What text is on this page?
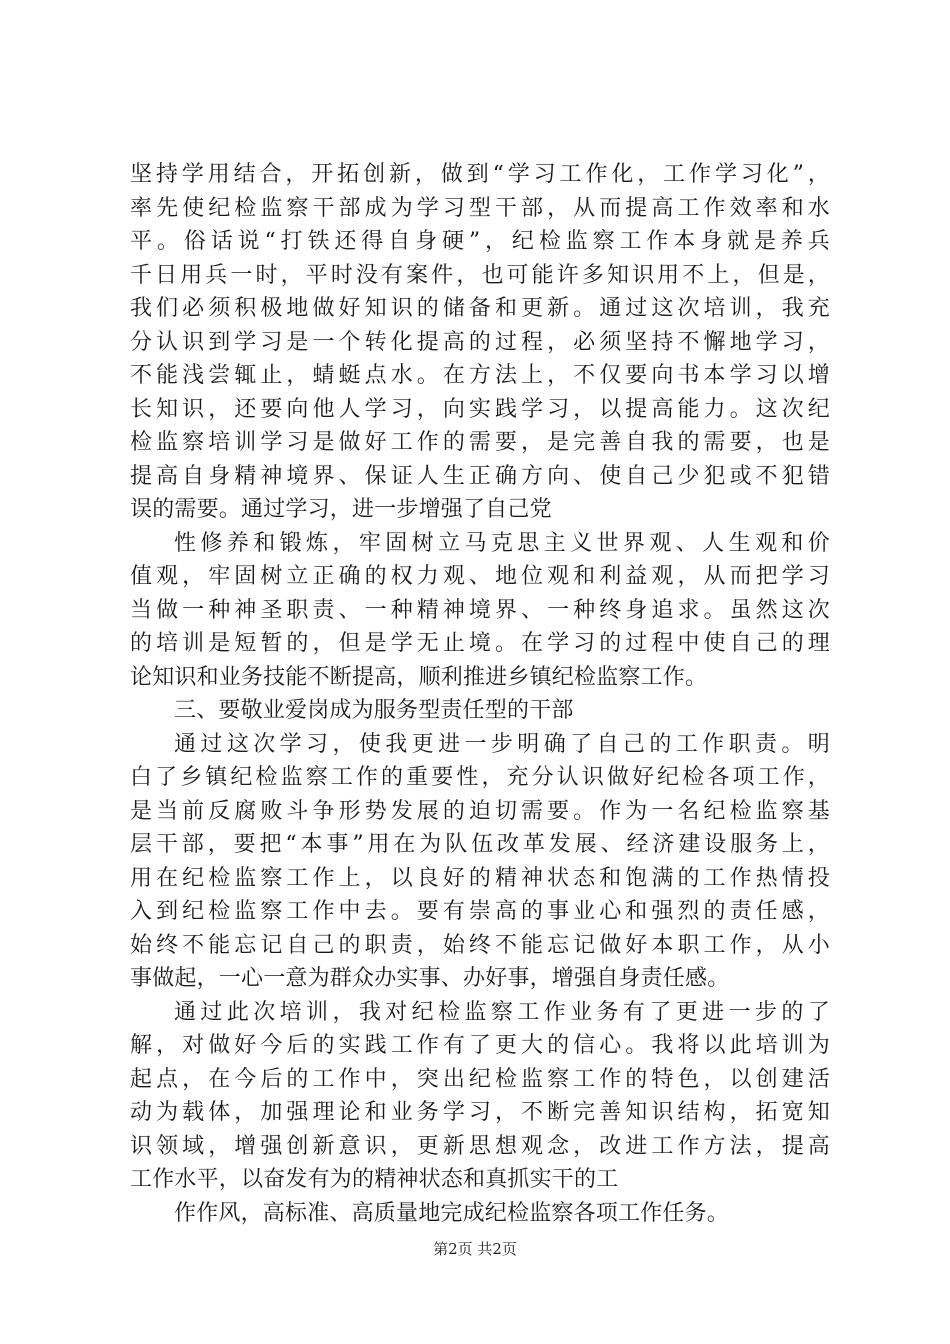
坚持学用结合，开拓创新，做到“学习工作化，工作学习化”，
率先使纪检监察干部成为学习型干部，从而提高工作效率和水
平。俗话说“打铁还得自身硬”，纪检监察工作本身就是养兵
千日用兵一时，平时没有案件，也可能许多知识用不上，但是，
我们必须积极地做好知识的储备和更新。通过这次培训，我充
分认识到学习是一个转化提高的过程，必须坚持不懈地学习，
不能浅尝辄止，蜻蜓点水。在方法上，不仅要向书本学习以增
长知识，还要向他人学习，向实践学习，以提高能力。这次纪
检监察培训学习是做好工作的需要，是完善自我的需要，也是
提高自身精神境界、保证人生正确方向、使自己少犯或不犯错
误的需要。通过学习，进一步增强了自己党
性修养和锻炼，牢固树立马克思主义世界观、人生观和价
值观，牢固树立正确的权力观、地位观和利益观，从而把学习
当做一种神圣职责、一种精神境界、一种终身追求。虽然这次
的培训是短暂的，但是学无止境。在学习的过程中使自己的理
论知识和业务技能不断提高，顺利推进乡镇纪检监察工作。
三、要敬业爱岗成为服务型责任型的干部
通过这次学习，使我更进一步明确了自己的工作职责。明
白了乡镇纪检监察工作的重要性，充分认识做好纪检各项工作，
是当前反腐败斗争形势发展的迫切需要。作为一名纪检监察基
层干部，要把“本事”用在为队伍改革发展、经济建设服务上，
用在纪检监察工作上，以良好的精神状态和饱满的工作热情投
入到纪检监察工作中去。要有崇高的事业心和强烈的责任感，
始终不能忘记自己的职责，始终不能忘记做好本职工作，从小
事做起，一心一意为群众办实事、办好事，增强自身责任感。
通过此次培训，我对纪检监察工作业务有了更进一步的了
解，对做好今后的实践工作有了更大的信心。我将以此培训为
起点，在今后的工作中，突出纪检监察工作的特色，以创建活
动为载体，加强理论和业务学习，不断完善知识结构，拓宽知
识领域，增强创新意识，更新思想观念，改进工作方法，提高
工作水平，以奋发有为的精神状态和真抓实干的工
作作风，高标准、高质量地完成纪检监察各项工作任务。
第2页 共2页
